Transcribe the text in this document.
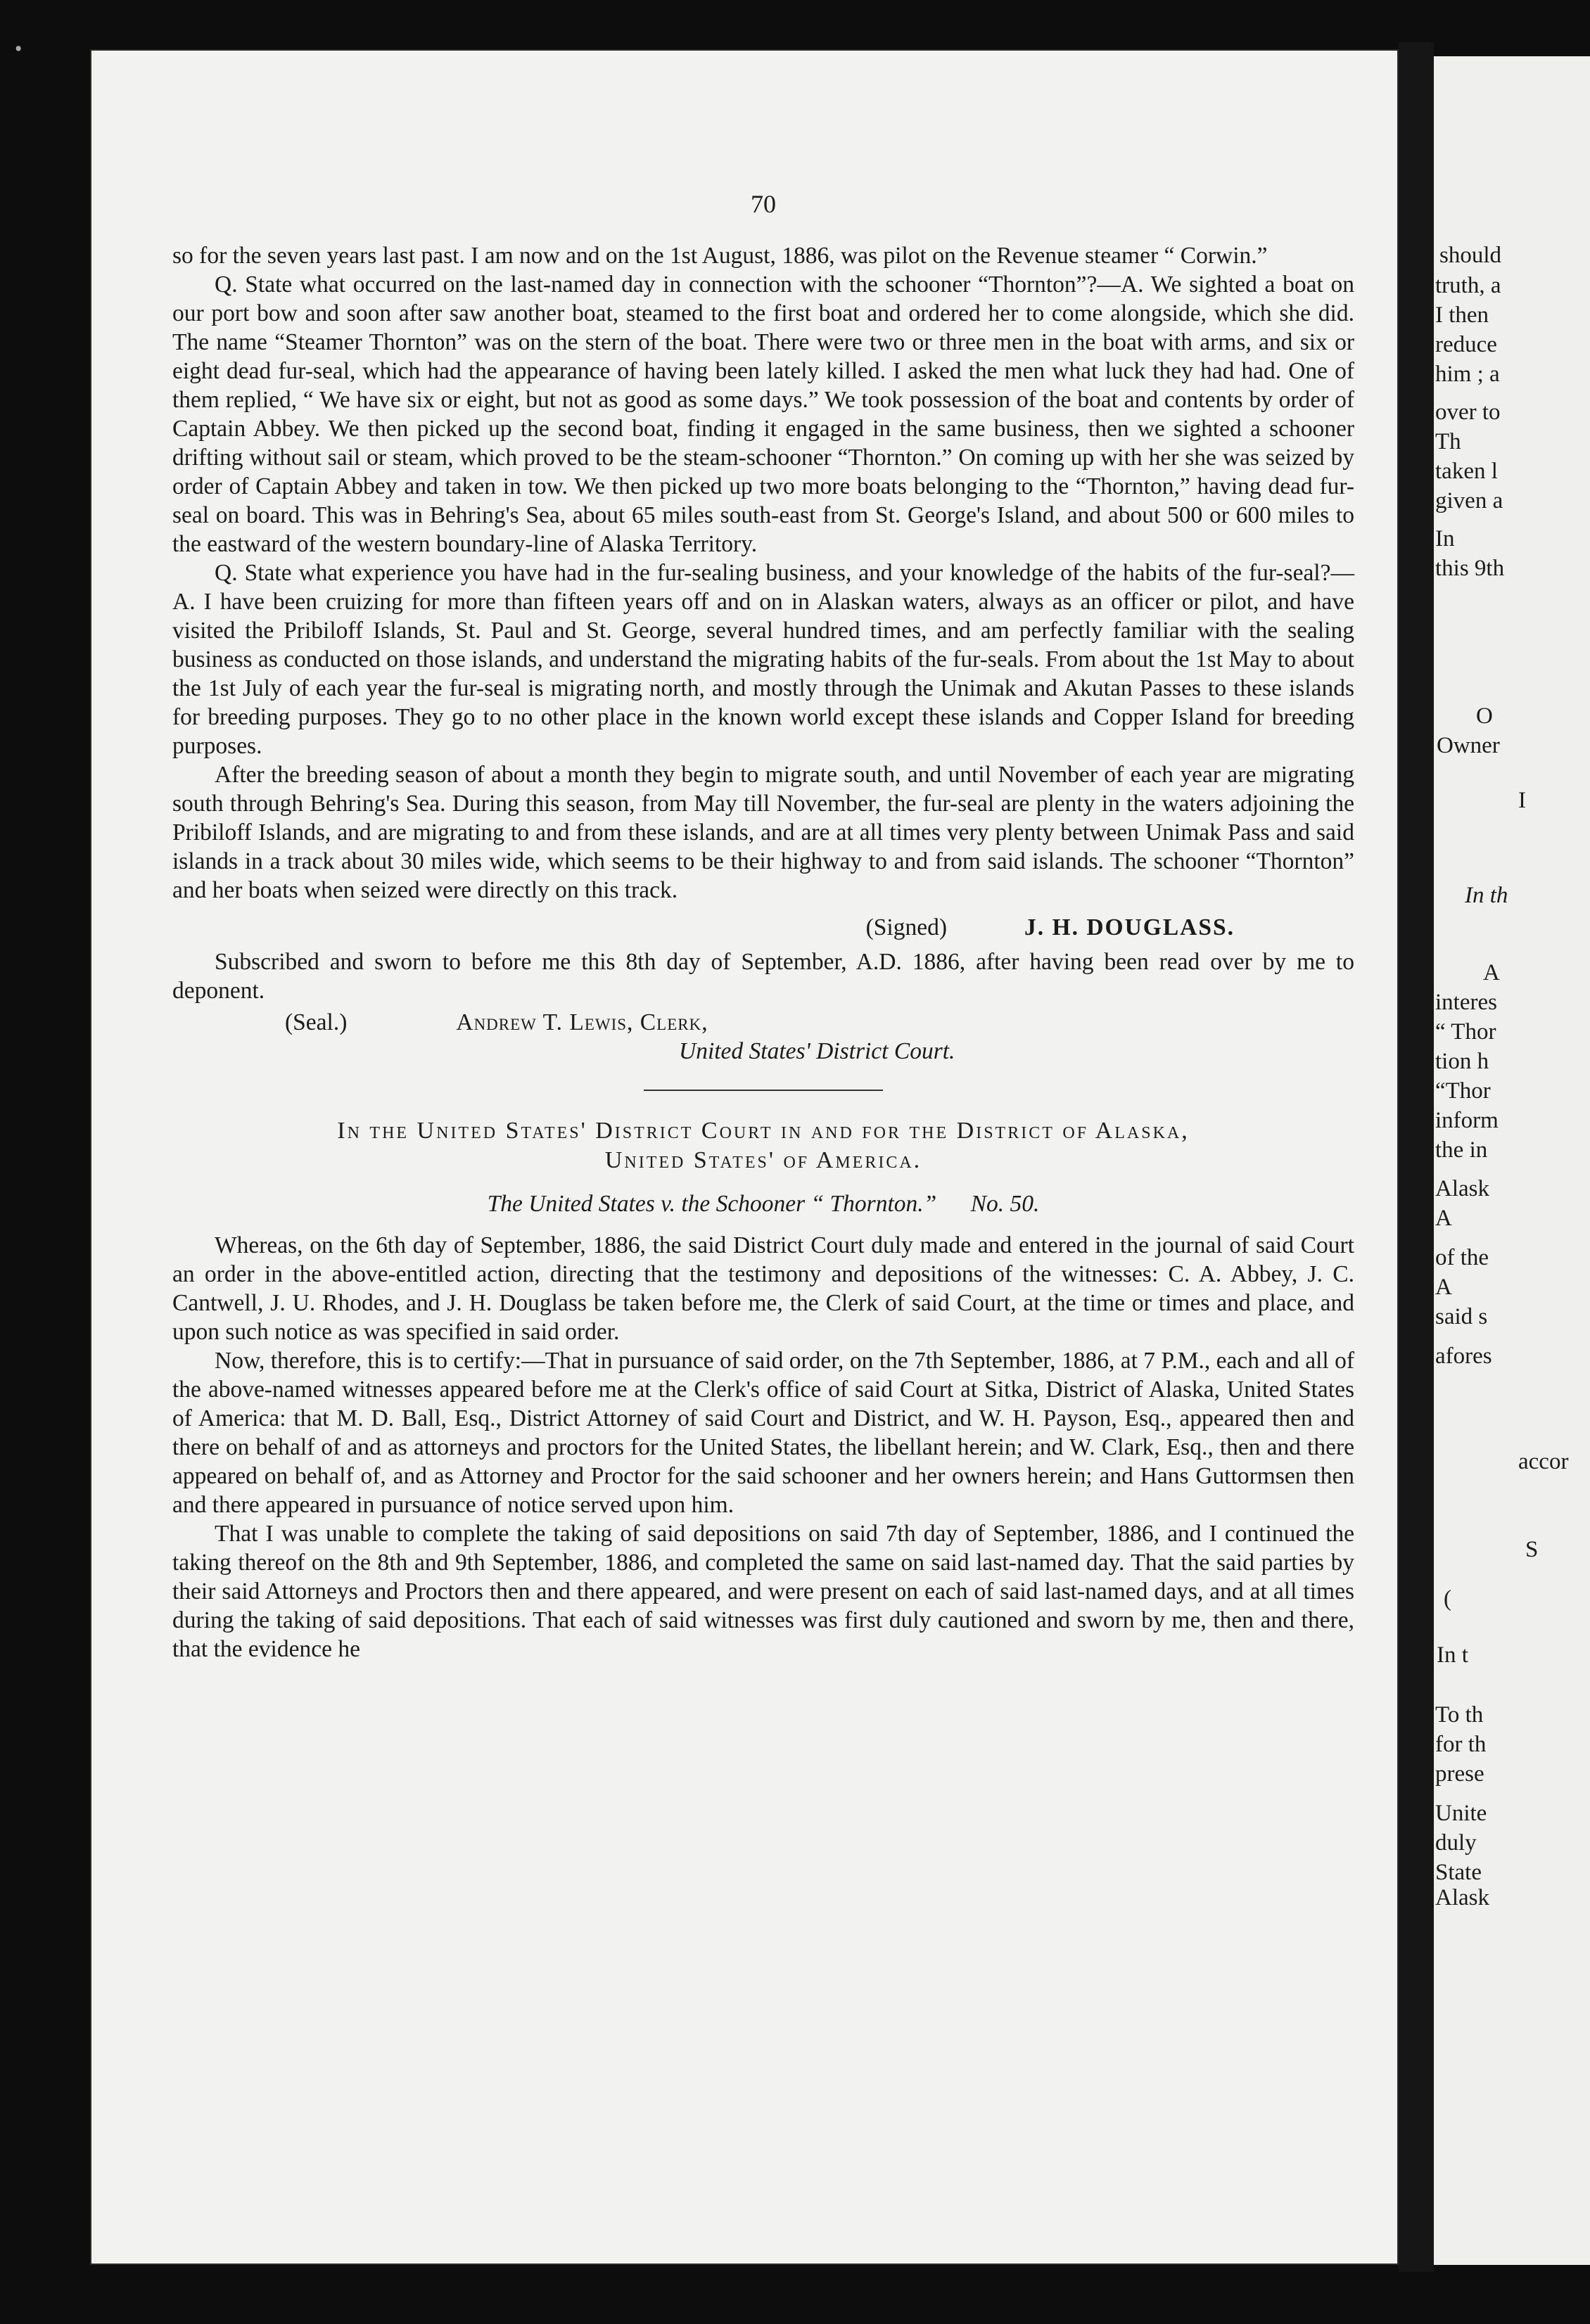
ꞏ
70

so for the seven years last past. I am now and on the 1st August, 1886, was pilot on the Revenue steamer “ Corwin.”

Q. State what occurred on the last-named day in connection with the schooner “Thornton”?—A. We sighted a boat on our port bow and soon after saw another boat, steamed to the first boat and ordered her to come alongside, which she did. The name “Steamer Thornton” was on the stern of the boat. There were two or three men in the boat with arms, and six or eight dead fur-seal, which had the appearance of having been lately killed. I asked the men what luck they had had. One of them replied, “ We have six or eight, but not as good as some days.” We took possession of the boat and contents by order of Captain Abbey. We then picked up the second boat, finding it engaged in the same business, then we sighted a schooner drifting without sail or steam, which proved to be the steam-schooner “Thornton.” On coming up with her she was seized by order of Captain Abbey and taken in tow. We then picked up two more boats belonging to the “Thornton,” having dead fur-seal on board. This was in Behring's Sea, about 65 miles south-east from St. George's Island, and about 500 or 600 miles to the eastward of the western boundary-line of Alaska Territory.

Q. State what experience you have had in the fur-sealing business, and your knowledge of the habits of the fur-seal?—A. I have been cruizing for more than fifteen years off and on in Alaskan waters, always as an officer or pilot, and have visited the Pribiloff Islands, St. Paul and St. George, several hundred times, and am perfectly familiar with the sealing business as conducted on those islands, and understand the migrating habits of the fur-seals. From about the 1st May to about the 1st July of each year the fur-seal is migrating north, and mostly through the Unimak and Akutan Passes to these islands for breeding purposes. They go to no other place in the known world except these islands and Copper Island for breeding purposes.

After the breeding season of about a month they begin to migrate south, and until November of each year are migrating south through Behring's Sea. During this season, from May till November, the fur-seal are plenty in the waters adjoining the Pribiloff Islands, and are migrating to and from these islands, and are at all times very plenty between Unimak Pass and said islands in a track about 30 miles wide, which seems to be their highway to and from said islands. The schooner “Thornton” and her boats when seized were directly on this track.

(Signed)	J. H. DOUGLASS.

Subscribed and sworn to before me this 8th day of September, A.D. 1886, after having been read over by me to deponent.

(Seal.)	Andrew T. Lewis, Clerk,
United States' District Court.
In the United States' District Court in and for the District of Alaska,
United States' of America.
The United States v. the Schooner “ Thornton.” No. 50.

Whereas, on the 6th day of September, 1886, the said District Court duly made and entered in the journal of said Court an order in the above-entitled action, directing that the testimony and depositions of the witnesses: C. A. Abbey, J. C. Cantwell, J. U. Rhodes, and J. H. Douglass be taken before me, the Clerk of said Court, at the time or times and place, and upon such notice as was specified in said order.

Now, therefore, this is to certify:—That in pursuance of said order, on the 7th September, 1886, at 7 P.M., each and all of the above-named witnesses appeared before me at the Clerk's office of said Court at Sitka, District of Alaska, United States of America: that M. D. Ball, Esq., District Attorney of said Court and District, and W. H. Payson, Esq., appeared then and there on behalf of and as attorneys and proctors for the United States, the libellant herein; and W. Clark, Esq., then and there appeared on behalf of, and as Attorney and Proctor for the said schooner and her owners herein; and Hans Guttormsen then and there appeared in pursuance of notice served upon him.

That I was unable to complete the taking of said depositions on said 7th day of September, 1886, and I continued the taking thereof on the 8th and 9th September, 1886, and completed the same on said last-named day. That the said parties by their said Attorneys and Proctors then and there appeared, and were present on each of said last-named days, and at all times during the taking of said depositions. That each of said witnesses was first duly cautioned and sworn by me, then and there, that the evidence he

should
truth, a
I then
reduce
him ; a
over to
Th
taken l
given a
In
this 9th
O
Owner
I
In th
A
interes
“ Thor
tion h
“Thor
inform
the in
Alask
A
of the
A
said s
afores
accor
S
(
In t
To th
for th
prese
Unite
duly
State
Alask
